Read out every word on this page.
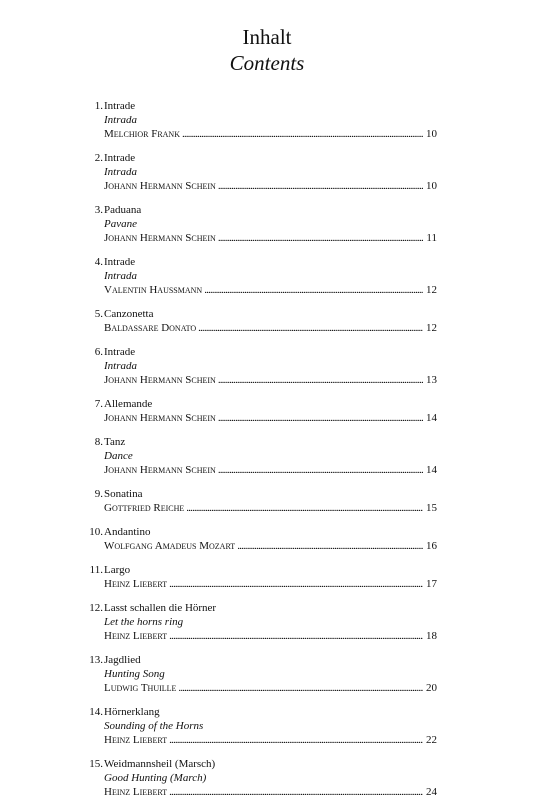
Inhalt
Contents
1. Intrade
Intrada
Melchior Frank . . .	10
2. Intrade
Intrada
Johann Hermann Schein . . .	10
3. Paduana
Pavane
Johann Hermann Schein . . .	11
4. Intrade
Intrada
Valentin Haussmann . . .	12
5. Canzonetta
Baldassare Donato . . .	12
6. Intrade
Intrada
Johann Hermann Schein . . .	13
7. Allemande
Johann Hermann Schein . . .	14
8. Tanz
Dance
Johann Hermann Schein . . .	14
9. Sonatina
Gottfried Reiche . . .	15
10. Andantino
Wolfgang Amadeus Mozart . . .	16
11. Largo
Heinz Liebert . . .	17
12. Lasst schallen die Hörner
Let the horns ring
Heinz Liebert . . .	18
13. Jagdlied
Hunting Song
Ludwig Thuille . . .	20
14. Hörnerklang
Sounding of the Horns
Heinz Liebert . . .	22
15. Weidmannsheil (Marsch)
Good Hunting (March)
Heinz Liebert . . .	24
